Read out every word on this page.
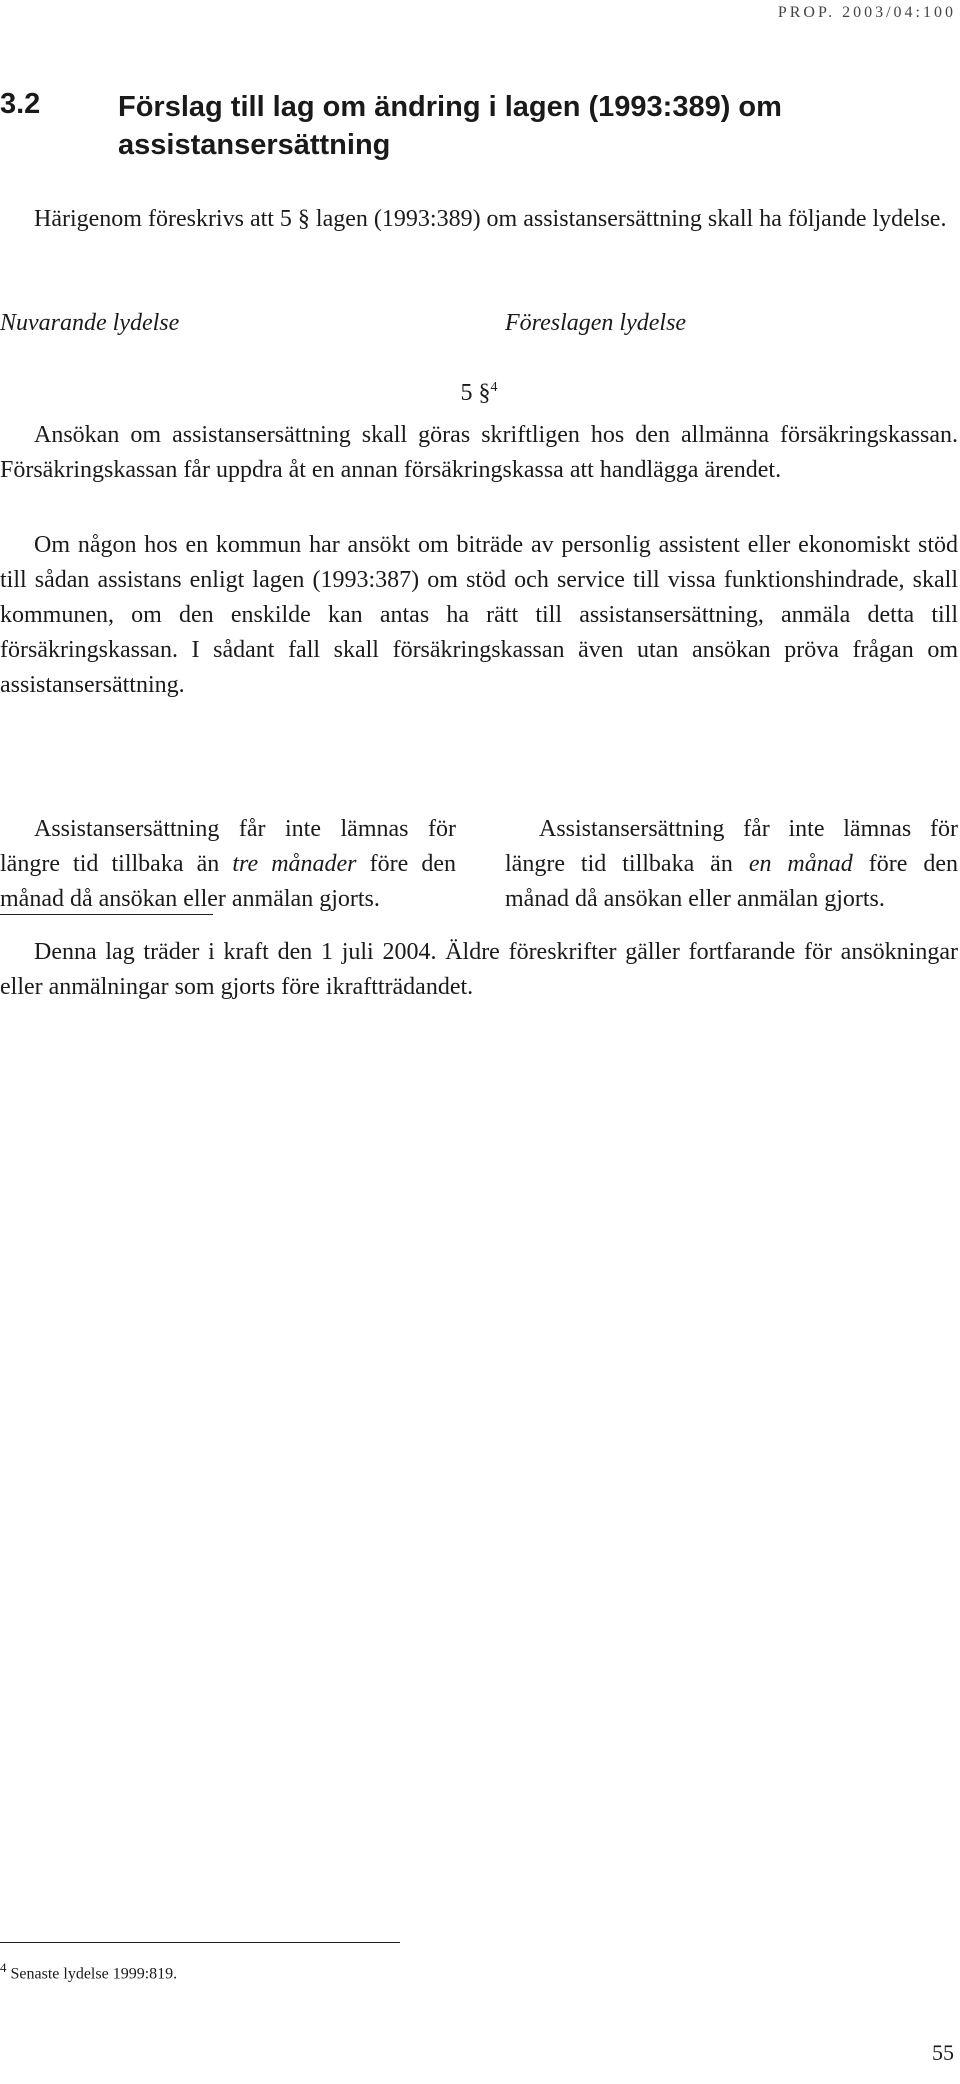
PROP. 2003/04:100
3.2	Förslag till lag om ändring i lagen (1993:389) om assistansersättning
Härigenom föreskrivs att 5 § lagen (1993:389) om assistansersättning skall ha följande lydelse.
Nuvarande lydelse	Föreslagen lydelse
5 §$^4$
Ansökan om assistansersättning skall göras skriftligen hos den allmänna försäkringskassan. Försäkringskassan får uppdra åt en annan försäkringskassa att handlägga ärendet.
Om någon hos en kommun har ansökt om biträde av personlig assistent eller ekonomiskt stöd till sådan assistans enligt lagen (1993:387) om stöd och service till vissa funktionshindrade, skall kommunen, om den enskilde kan antas ha rätt till assistansersättning, anmäla detta till försäkringskassan. I sådant fall skall försäkringskassan även utan ansökan pröva frågan om assistansersättning.
Assistansersättning får inte lämnas för längre tid tillbaka än tre månader före den månad då ansökan eller anmälan gjorts.
Assistansersättning får inte lämnas för längre tid tillbaka än en månad före den månad då ansökan eller anmälan gjorts.
Denna lag träder i kraft den 1 juli 2004. Äldre föreskrifter gäller fortfarande för ansökningar eller anmälningar som gjorts före ikraftträdandet.
$^4$ Senaste lydelse 1999:819.
55
